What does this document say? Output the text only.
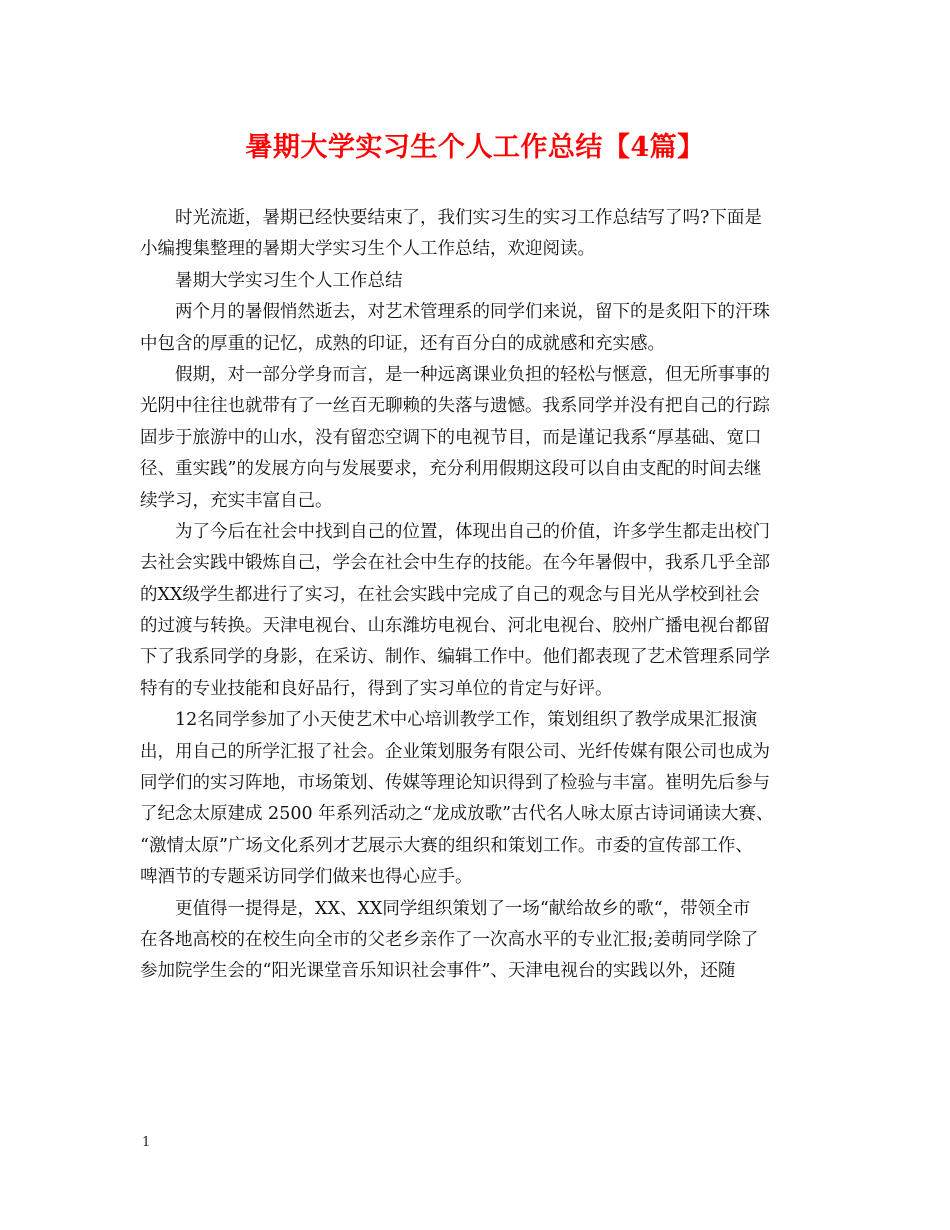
暑期大学实习生个人工作总结【4篇】
时光流逝，暑期已经快要结束了，我们实习生的实习工作总结写了吗?下面是
小编搜集整理的暑期大学实习生个人工作总结，欢迎阅读。
暑期大学实习生个人工作总结
两个月的暑假悄然逝去，对艺术管理系的同学们来说，留下的是炙阳下的汗珠
中包含的厚重的记忆，成熟的印证，还有百分白的成就感和充实感。
假期，对一部分学身而言，是一种远离课业负担的轻松与惬意，但无所事事的
光阴中往往也就带有了一丝百无聊赖的失落与遗憾。我系同学并没有把自己的行踪
固步于旅游中的山水，没有留恋空调下的电视节目，而是谨记我系“厚基础、宽口
径、重实践”的发展方向与发展要求，充分利用假期这段可以自由支配的时间去继
续学习，充实丰富自己。
为了今后在社会中找到自己的位置，体现出自己的价值，许多学生都走出校门
去社会实践中锻炼自己，学会在社会中生存的技能。在今年暑假中，我系几乎全部
的XX级学生都进行了实习，在社会实践中完成了自己的观念与目光从学校到社会
的过渡与转换。天津电视台、山东潍坊电视台、河北电视台、胶州广播电视台都留
下了我系同学的身影，在采访、制作、编辑工作中。他们都表现了艺术管理系同学
特有的专业技能和良好品行，得到了实习单位的肯定与好评。
12名同学参加了小天使艺术中心培训教学工作，策划组织了教学成果汇报演
出，用自己的所学汇报了社会。企业策划服务有限公司、光纤传媒有限公司也成为
同学们的实习阵地，市场策划、传媒等理论知识得到了检验与丰富。崔明先后参与
了纪念太原建成 2500 年系列活动之“龙成放歌”古代名人咏太原古诗词诵读大赛、
“激情太原”广场文化系列才艺展示大赛的组织和策划工作。市委的宣传部工作、
啤酒节的专题采访同学们做来也得心应手。
更值得一提得是，XX、XX同学组织策划了一场“献给故乡的歌“，带领全市
在各地高校的在校生向全市的父老乡亲作了一次高水平的专业汇报;姜萌同学除了
参加院学生会的“阳光课堂音乐知识社会事件”、天津电视台的实践以外，还随
1
